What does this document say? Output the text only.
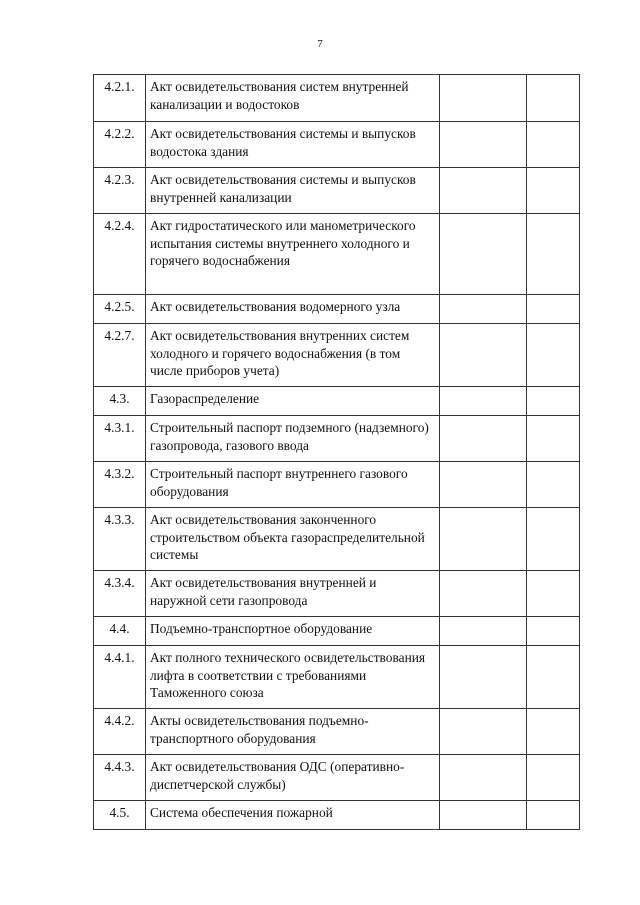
7
4.2.1.	Акт освидетельствования систем внутренней канализации и водостоков			
4.2.2.	Акт освидетельствования системы и выпусков водостока здания			
4.2.3.	Акт освидетельствования системы и выпусков внутренней канализации			
4.2.4.	Акт гидростатического или манометрического испытания системы внутреннего холодного и горячего водоснабжения			
4.2.5.	Акт освидетельствования водомерного узла			
4.2.7.	Акт освидетельствования внутренних систем холодного и горячего водоснабжения (в том числе приборов учета)			
4.3.	Газораспределение			
4.3.1.	Строительный паспорт подземного (надземного) газопровода, газового ввода			
4.3.2.	Строительный паспорт внутреннего газового оборудования			
4.3.3.	Акт освидетельствования законченного строительством объекта газораспределительной системы			
4.3.4.	Акт освидетельствования внутренней и наружной сети газопровода			
4.4.	Подъемно-транспортное оборудование			
4.4.1.	Акт полного технического освидетельствования лифта в соответствии с требованиями Таможенного союза			
4.4.2.	Акты освидетельствования подъемно-транспортного оборудования			
4.4.3.	Акт освидетельствования ОДС (оперативно-диспетчерской службы)			
4.5.	Система обеспечения пожарной			
